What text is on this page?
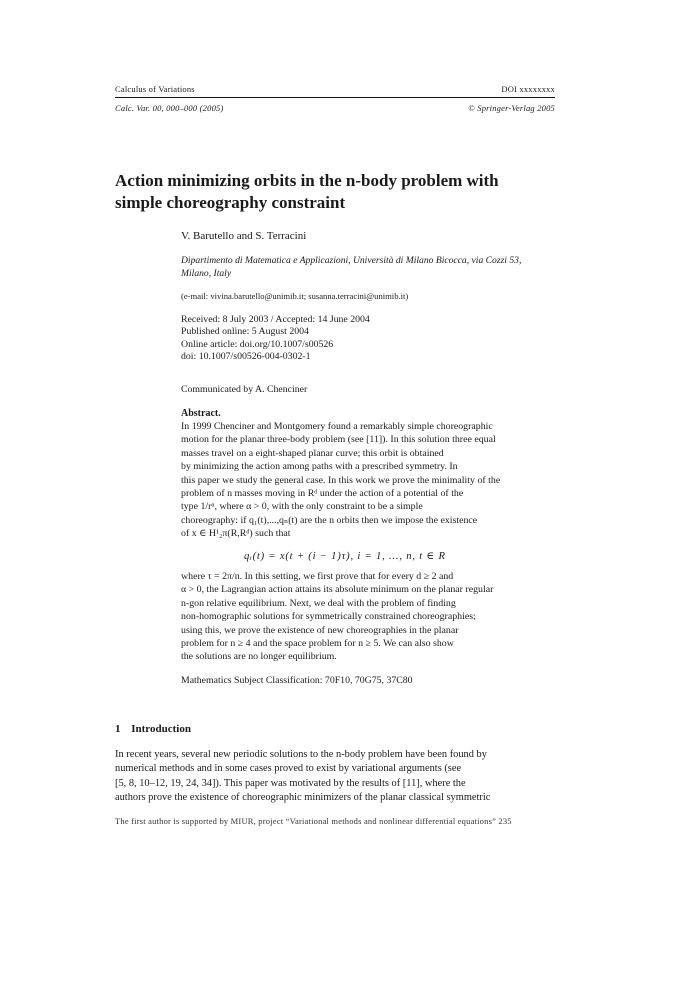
Calculus of Variations	DOI xxxxxxxx
Calc. Var. 00, 000–000 (2005)	© Springer-Verlag 2005
Action minimizing orbits in the n-body problem with
simple choreography constraint
V. Barutello and S. Terracini
Dipartimento di Matematica e Applicazioni, Università di Milano Bicocca, via Cozzi 53,
Milano, Italy
(e-mail: vivina.barutello@unimib.it; susanna.terracini@unimib.it)
Received: 8 July 2003 / Accepted: 14 June 2004
Published online: 5 August 2004
Online article: doi.org/10.1007/s00526
doi: 10.1007/s00526-004-0302-1
Communicated by A. Chenciner
Abstract.
In 1999 Chenciner and Montgomery found a remarkably simple choreographic
motion for the planar three-body problem (see [11]). In this solution three equal
masses travel on a eight-shaped planar curve; this orbit is obtained
by minimizing the action among paths with a prescribed symmetry. In
this paper we study the general case. In this work we prove the minimality of the
problem of n masses moving in Rᵈ under the action of a potential of the
type 1/rᵅ, where α > 0, with the only constraint to be a simple
choreography: if q₁(t),...,qₙ(t) are the n orbits then we impose the existence
of x ∈ H¹₂π(R,Rᵈ) such that
qᵢ(t) = x(t + (i − 1)τ), i = 1, ..., n, t ∈ R
where τ = 2π/n. In this setting, we first prove that for every d ≥ 2 and
α > 0, the Lagrangian action attains its absolute minimum on the planar regular
n-gon relative equilibrium. Next, we deal with the problem of finding
non-homographic solutions for symmetrically constrained choreographies;
using this, we prove the existence of new choreographies in the planar
problem for n ≥ 4 and the space problem for n ≥ 5. We can also show
the solutions are no longer equilibrium.
Mathematics Subject Classification: 70F10, 70G75, 37C80
1 Introduction
In recent years, several new periodic solutions to the n-body problem have been found by
numerical methods and in some cases proved to exist by variational arguments (see
[5, 8, 10–12, 19, 24, 34]). This paper was motivated by the results of [11], where the
authors prove the existence of choreographic minimizers of the planar classical symmetric
The first author is supported by MIUR, project “Variational methods and nonlinear differential equations” 235
